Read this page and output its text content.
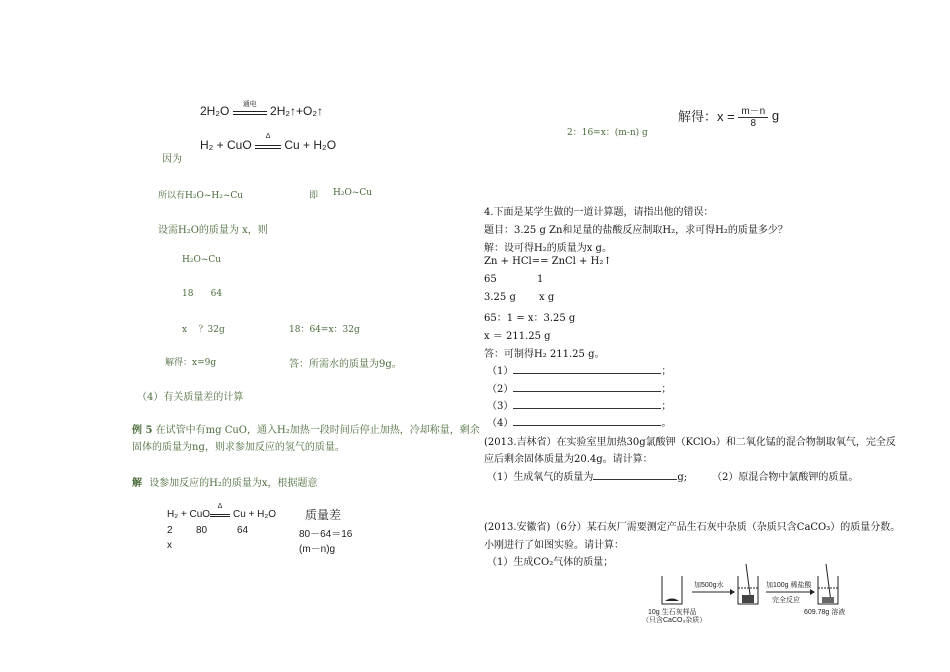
2H₂O	通电	2H₂↑+O₂↑
因为
H₂ + CuO
Δ
Cu + H₂O
所以有H₂O~H₂~Cu	即 H₂O~Cu
设需H₂O的质量为 x，则
H₂O~Cu
18      64
x    ？32g	18：64=x：32g
解得：x=9g	答：所需水的质量为9g。
（4）有关质量差的计算
例 5 在试管中有mg CuO，通入H₂加热一段时间后停止加热，冷却称量，剩余
固体的质量为ng，则求参加反应的氢气的质量。
解 设参加反应的H₂的质量为x，根据题意
H₂ + CuO
Δ
Cu + H₂O 质量差
2 80	64	80－64＝16
x	(m－n)g
解得：$x = \frac{m-n}{8}$ g
2：16=x：(m-n) g
4.下面是某学生做的一道计算题，请指出他的错误：
题目：3.25 g Zn和足量的盐酸反应制取H₂，求可得H₂的质量多少？
解：设可得H₂的质量为x g。
Zn + HCl== ZnCl + H₂↑
65	1
3.25 g x g
65：1 = x：3.25 g
x ＝ 211.25 g
答：可制得H₂ 211.25 g。
（1）	；
（2）	；
（3）	；
（4）	。
(2013.吉林省）在实验室里加热30g氯酸钾（KClO₃）和二氧化锰的混合物制取氧气，完全反
应后剩余固体质量为20.4g。请计算：
（1）生成氧气的质量为	g; （2）原混合物中氯酸钾的质量。
(2013.安徽省)（6分）某石灰厂需要测定产品生石灰中杂质（杂质只含CaCO₃）的质量分数。
小刚进行了如图实验。请计算：
（1）生成CO₂气体的质量；
加500g水	加100g 稀盐酸
完全反应
10g 生石灰样品
（只含CaCO₃杂质）
609.78g 溶液
